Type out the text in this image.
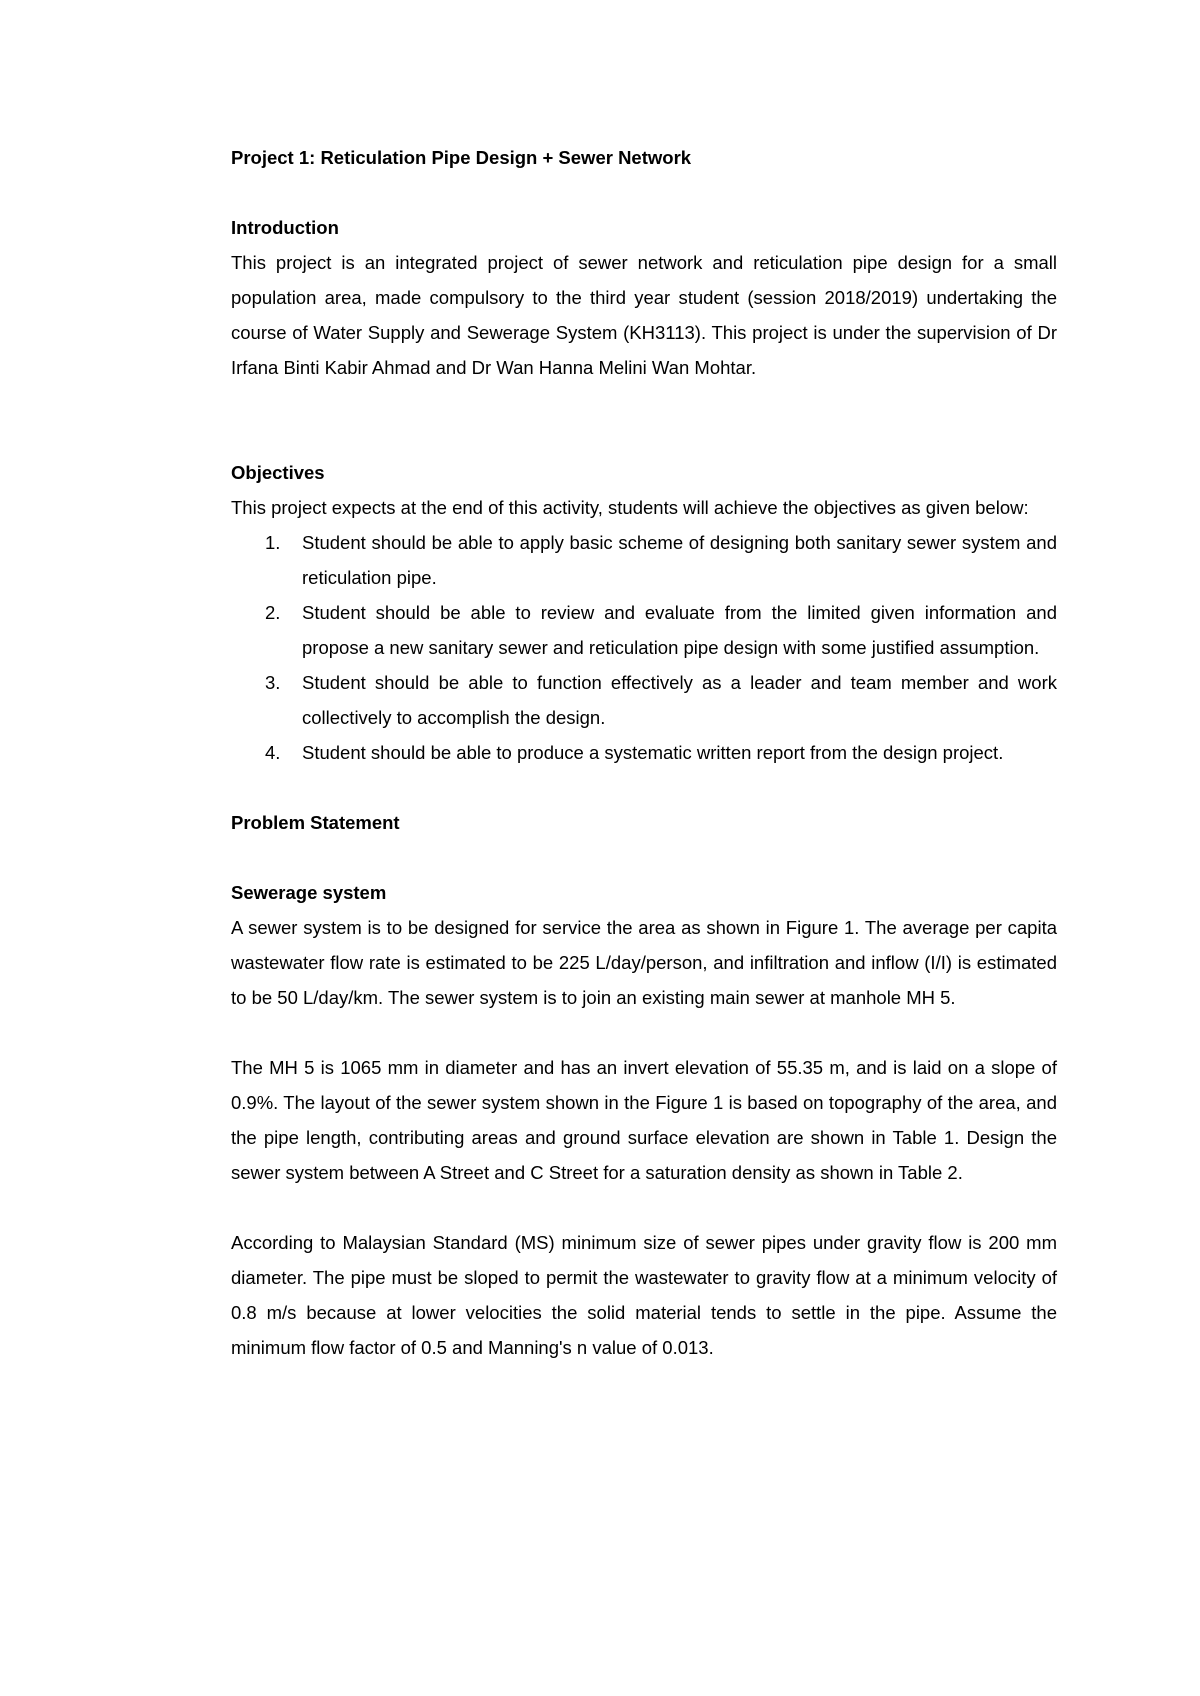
Project 1: Reticulation Pipe Design + Sewer Network

Introduction

This project is an integrated project of sewer network and reticulation pipe design for a small population area, made compulsory to the third year student (session 2018/2019) undertaking the course of Water Supply and Sewerage System (KH3113). This project is under the supervision of Dr Irfana Binti Kabir Ahmad and Dr Wan Hanna Melini Wan Mohtar.

Objectives

This project expects at the end of this activity, students will achieve the objectives as given below:

1. Student should be able to apply basic scheme of designing both sanitary sewer system and reticulation pipe.
2. Student should be able to review and evaluate from the limited given information and propose a new sanitary sewer and reticulation pipe design with some justified assumption.
3. Student should be able to function effectively as a leader and team member and work collectively to accomplish the design.
4. Student should be able to produce a systematic written report from the design project.

Problem Statement

Sewerage system

A sewer system is to be designed for service the area as shown in Figure 1. The average per capita wastewater flow rate is estimated to be 225 L/day/person, and infiltration and inflow (I/I) is estimated to be 50 L/day/km. The sewer system is to join an existing main sewer at manhole MH 5.

The MH 5 is 1065 mm in diameter and has an invert elevation of 55.35 m, and is laid on a slope of 0.9%. The layout of the sewer system shown in the Figure 1 is based on topography of the area, and the pipe length, contributing areas and ground surface elevation are shown in Table 1. Design the sewer system between A Street and C Street for a saturation density as shown in Table 2.

According to Malaysian Standard (MS) minimum size of sewer pipes under gravity flow is 200 mm diameter. The pipe must be sloped to permit the wastewater to gravity flow at a minimum velocity of 0.8 m/s because at lower velocities the solid material tends to settle in the pipe. Assume the minimum flow factor of 0.5 and Manning's n value of 0.013.
